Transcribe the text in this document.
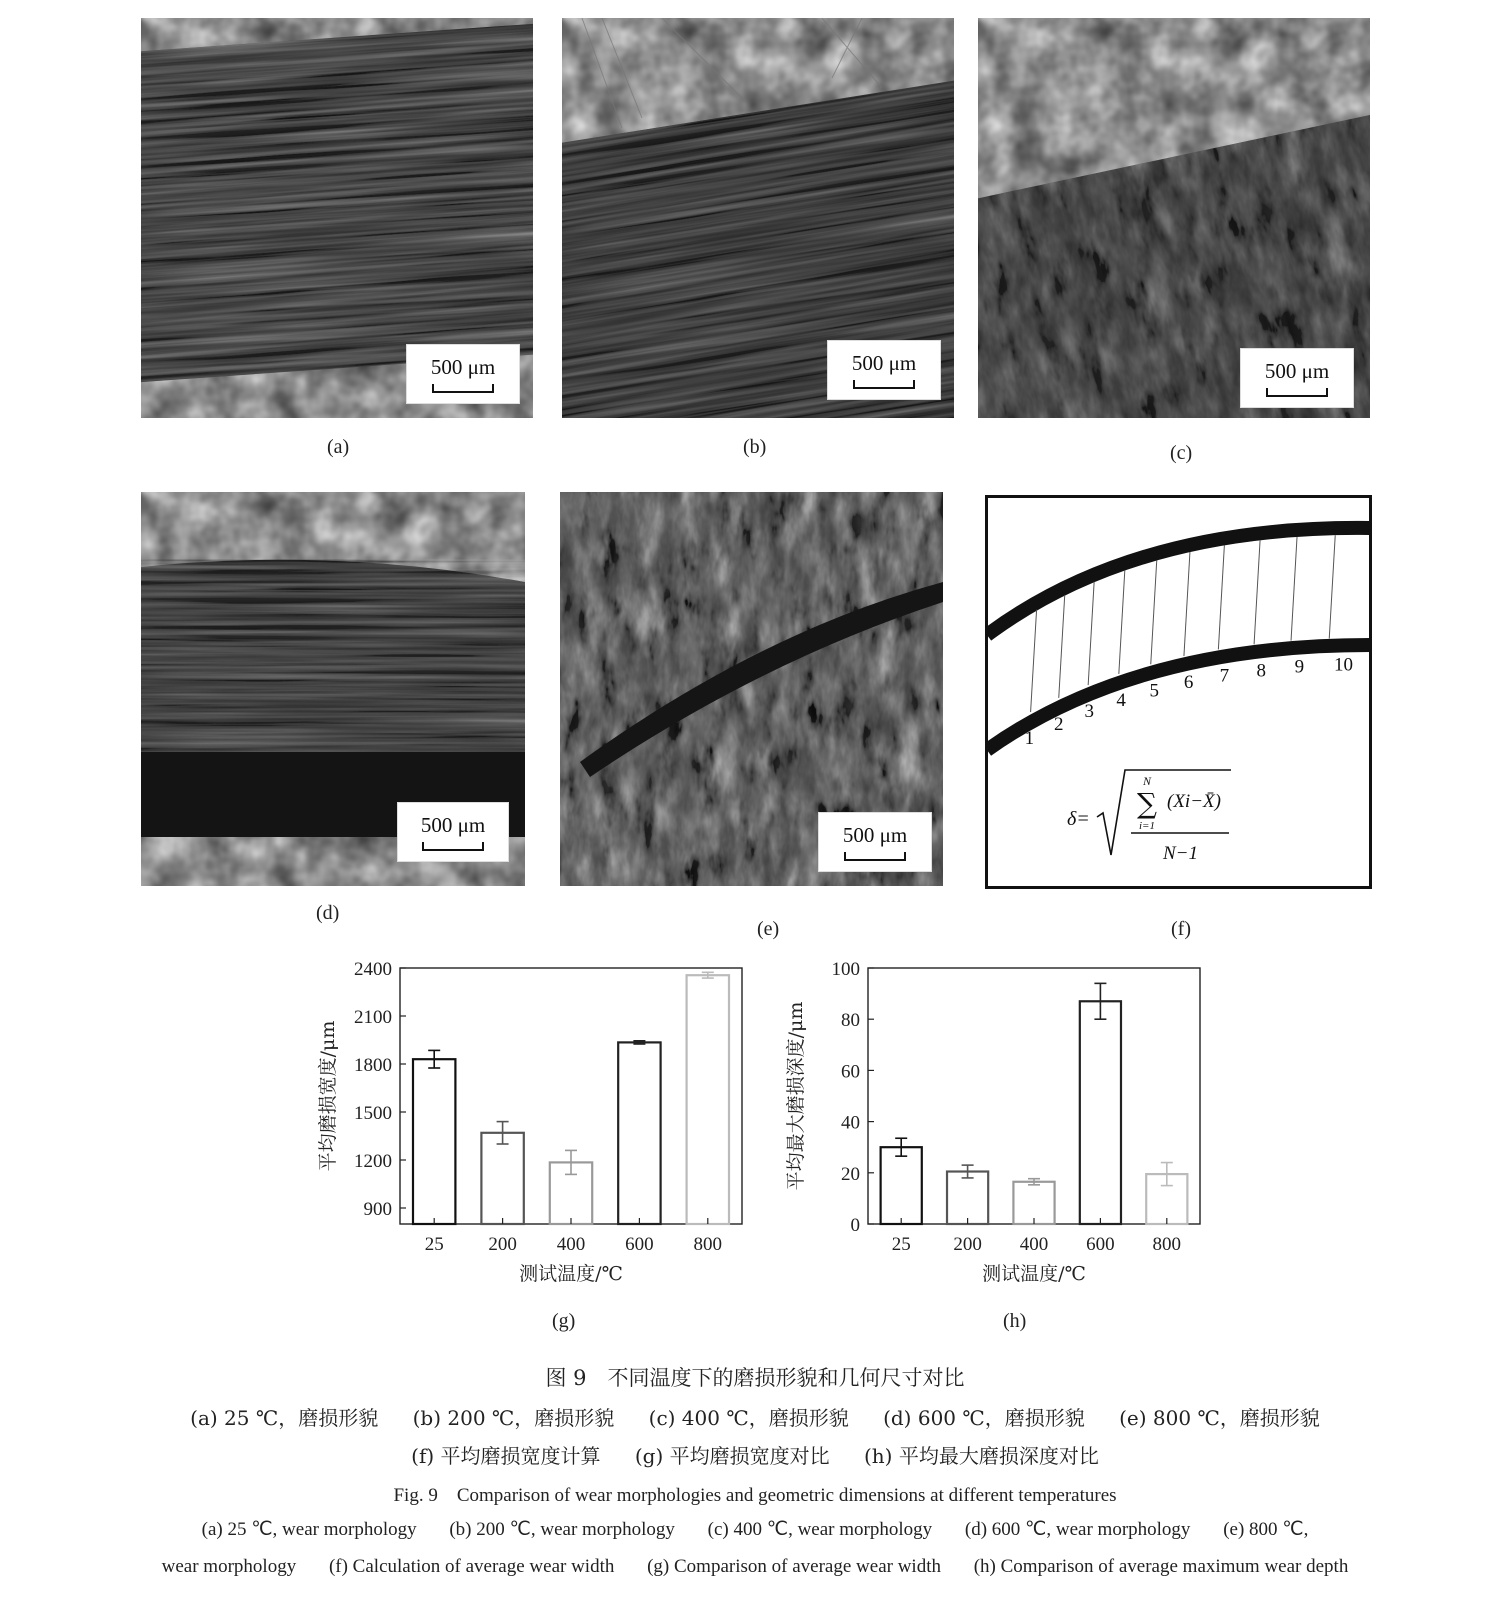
500 μm
(a)
500 μm
(b)
500 μm
(c)
500 μm
(d)
500 μm
(e)
1
2
3
4 5 6 7 8 9 10
δ=
N
∑
i=1
(Xi−X̄)
N−1
(f)
900
1200
1500
1800
2100
2400
25 200 400 600 800
测试温度/℃
平均磨损宽度/μm
(g)
0
20
40
60
80
100
25 200 400 600 800
测试温度/℃
平均最大磨损深度/μm
(h)
图 9　不同温度下的磨损形貌和几何尺寸对比
(a) 25 ℃，磨损形貌 (b) 200 ℃，磨损形貌 (c) 400 ℃，磨损形貌 (d) 600 ℃，磨损形貌 (e) 800 ℃，磨损形貌
(f) 平均磨损宽度计算 (g) 平均磨损宽度对比 (h) 平均最大磨损深度对比
Fig. 9　Comparison of wear morphologies and geometric dimensions at different temperatures
(a) 25 ℃, wear morphology (b) 200 ℃, wear morphology (c) 400 ℃, wear morphology (d) 600 ℃, wear morphology (e) 800 ℃,
wear morphology (f) Calculation of average wear width (g) Comparison of average wear width (h) Comparison of average maximum wear depth
